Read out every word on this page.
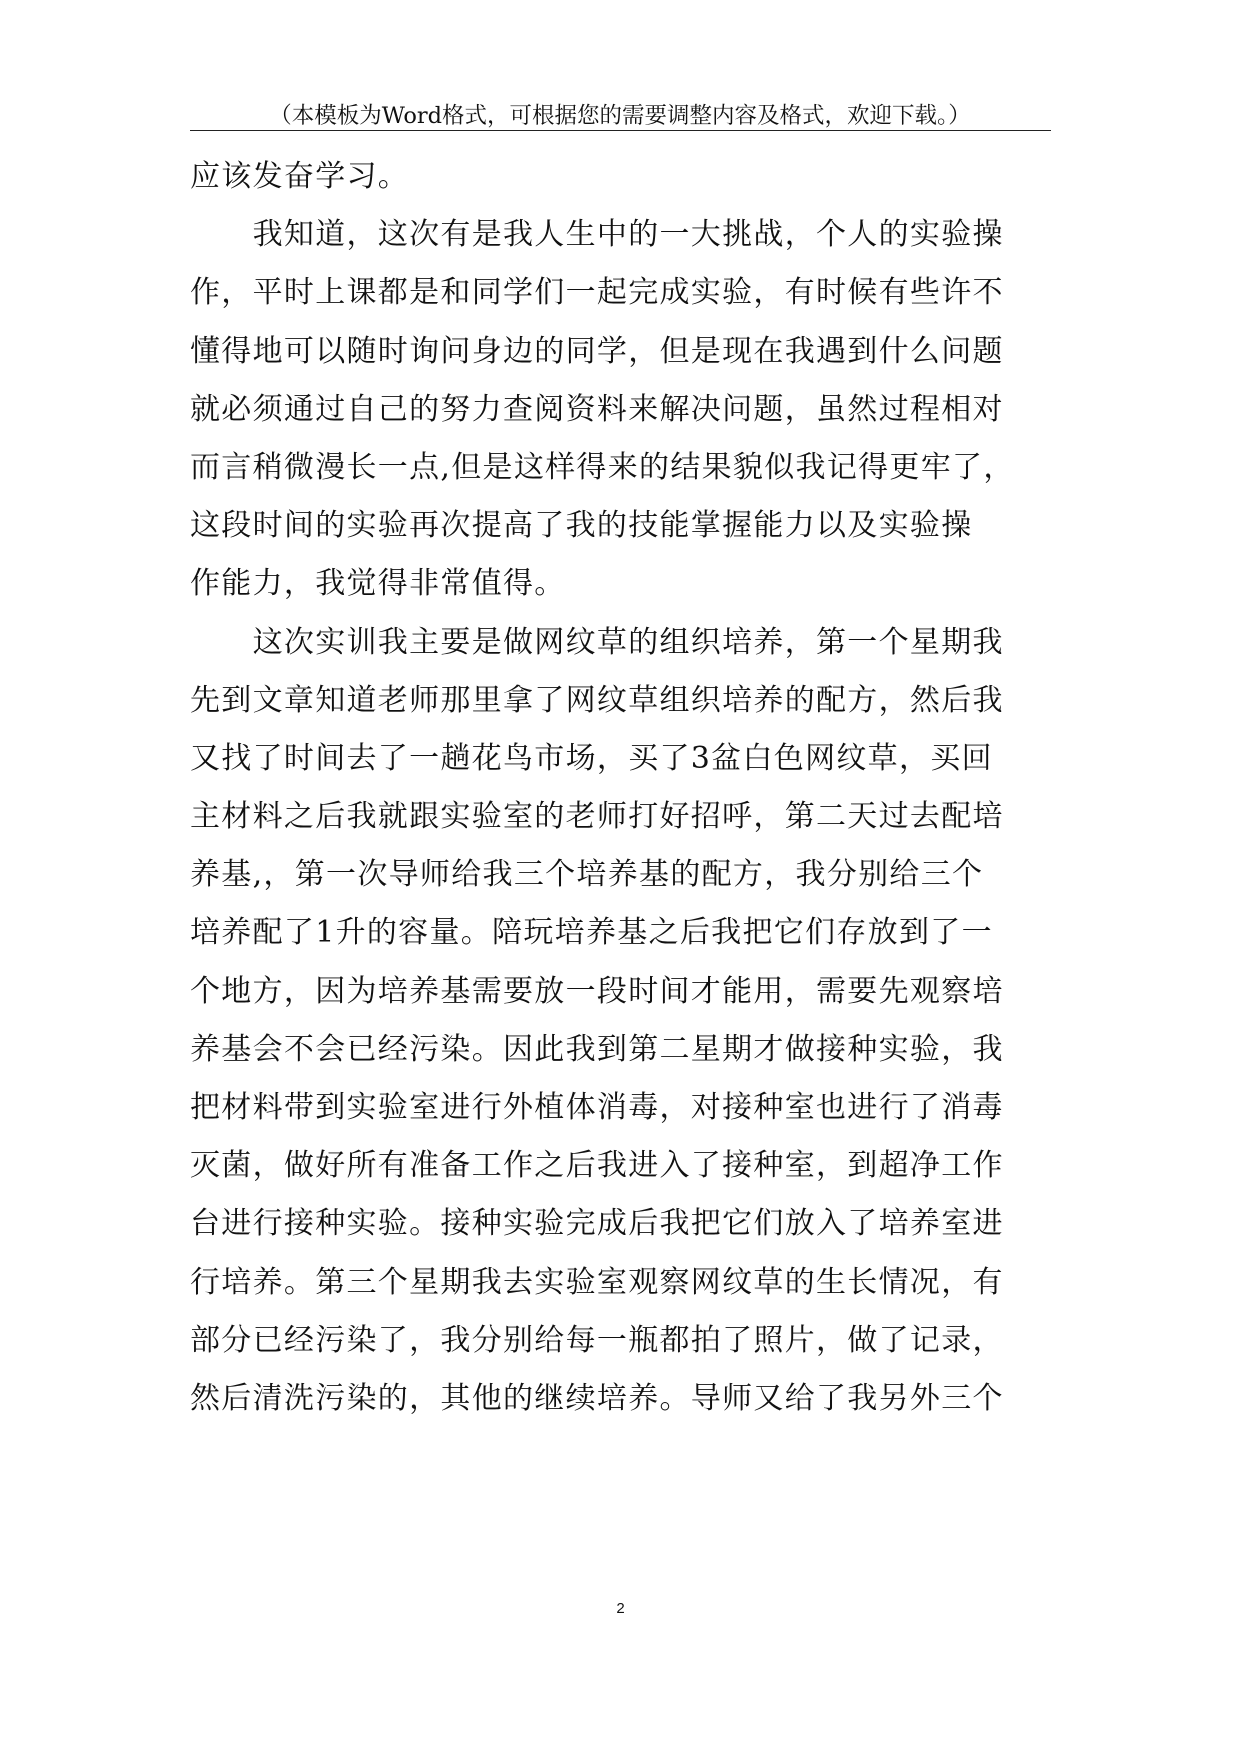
（本模板为Word格式，可根据您的需要调整内容及格式，欢迎下载。）
应该发奋学习。
　　我知道，这次有是我人生中的一大挑战，个人的实验操
作，平时上课都是和同学们一起完成实验，有时候有些许不
懂得地可以随时询问身边的同学，但是现在我遇到什么问题
就必须通过自己的努力查阅资料来解决问题，虽然过程相对
而言稍微漫长一点,但是这样得来的结果貌似我记得更牢了，
这段时间的实验再次提高了我的技能掌握能力以及实验操
作能力，我觉得非常值得。
　　这次实训我主要是做网纹草的组织培养，第一个星期我
先到文章知道老师那里拿了网纹草组织培养的配方，然后我
又找了时间去了一趟花鸟市场，买了3盆白色网纹草，买回
主材料之后我就跟实验室的老师打好招呼，第二天过去配培
养基,，第一次导师给我三个培养基的配方，我分别给三个
培养配了1升的容量。陪玩培养基之后我把它们存放到了一
个地方，因为培养基需要放一段时间才能用，需要先观察培
养基会不会已经污染。因此我到第二星期才做接种实验，我
把材料带到实验室进行外植体消毒，对接种室也进行了消毒
灭菌，做好所有准备工作之后我进入了接种室，到超净工作
台进行接种实验。接种实验完成后我把它们放入了培养室进
行培养。第三个星期我去实验室观察网纹草的生长情况，有
部分已经污染了，我分别给每一瓶都拍了照片，做了记录，
然后清洗污染的，其他的继续培养。导师又给了我另外三个
2
